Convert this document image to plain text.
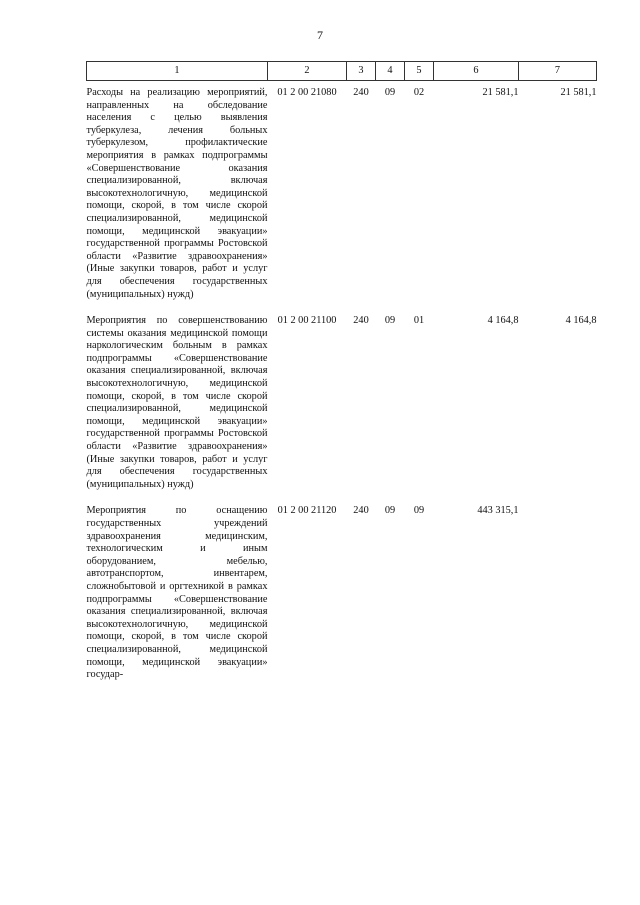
7
1	2	3	4	5	6	7
Расходы на реализацию мероприятий, направленных на обследование населения с целью выявления туберкулеза, лечения больных туберкулезом, профилактические мероприятия в рамках подпрограммы «Совершенствование оказания специализированной, включая высокотехнологичную, медицинской помощи, скорой, в том числе скорой специализированной, медицинской помощи, медицинской эвакуации» государственной программы Ростовской области «Развитие здравоохранения» (Иные закупки товаров, работ и услуг для обеспечения государственных (муниципальных) нужд)	01 2 00 21080	240	09	02	21 581,1	21 581,1
Мероприятия по совершенствованию системы оказания медицинской помощи наркологическим больным в рамках подпрограммы «Совершенствование оказания специализированной, включая высокотехнологичную, медицинской помощи, скорой, в том числе скорой специализированной, медицинской помощи, медицинской эвакуации» государственной программы Ростовской области «Развитие здравоохранения» (Иные закупки товаров, работ и услуг для обеспечения государственных (муниципальных) нужд)	01 2 00 21100	240	09	01	4 164,8	4 164,8
Мероприятия по оснащению государственных учреждений здравоохранения медицинским, технологическим и иным оборудованием, мебелью, автотранспортом, инвентарем, сложнобытовой и оргтехникой в рамках подпрограммы «Совершенствование оказания специализированной, включая высокотехнологичную, медицинской помощи, скорой, в том числе скорой специализированной, медицинской помощи, медицинской эвакуации» государ-	01 2 00 21120	240	09	09	443 315,1	
